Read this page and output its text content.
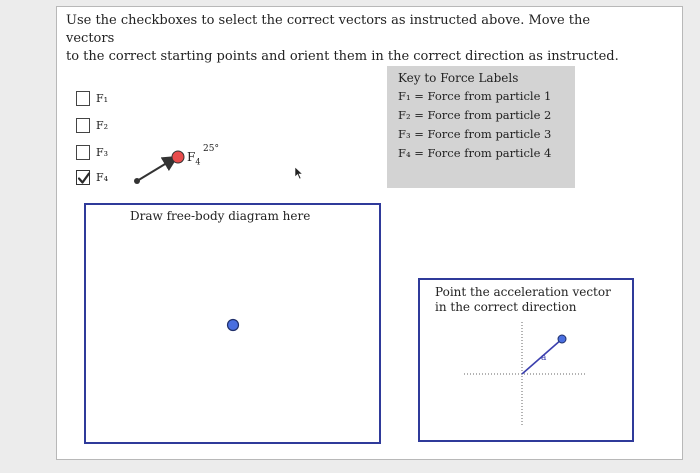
Use the checkboxes to select the correct vectors as instructed above. Move the vectors
to the correct starting points and orient them in the correct direction as instructed.
F₁
F₂
F₃
F₄
Key to Force Labels
F₁ = Force from particle 1
F₂ = Force from particle 2
F₃ = Force from particle 3
F₄ = Force from particle 4
Draw free-body diagram here
Point the acceleration vector in the correct direction
$F_4$
25°
a
